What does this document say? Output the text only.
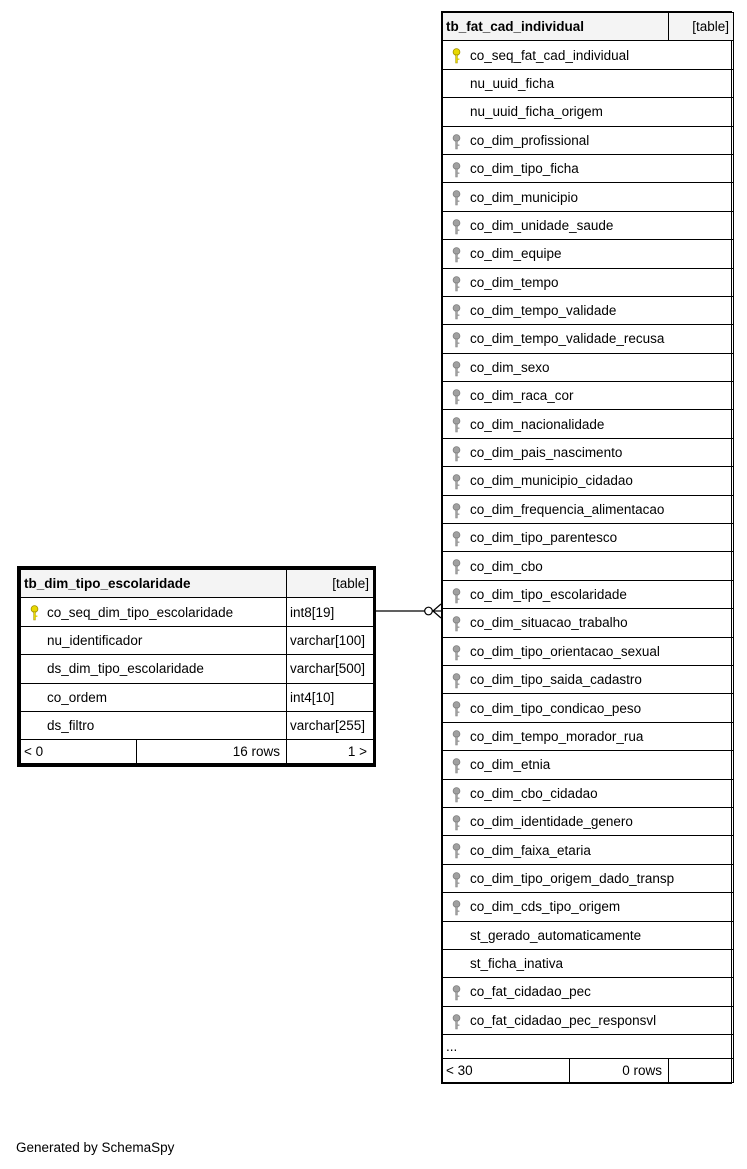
tb_fat_cad_individual		[table]

co_seq_fat_cad_individual		
nu_uuid_ficha		
nu_uuid_ficha_origem		

co_dim_profissional		

co_dim_tipo_ficha		

co_dim_municipio		

co_dim_unidade_saude		

co_dim_equipe		

co_dim_tempo		

co_dim_tempo_validade		

co_dim_tempo_validade_recusa		

co_dim_sexo		

co_dim_raca_cor		

co_dim_nacionalidade		

co_dim_pais_nascimento		

co_dim_municipio_cidadao		

co_dim_frequencia_alimentacao		

co_dim_tipo_parentesco		

co_dim_cbo		

co_dim_tipo_escolaridade		

co_dim_situacao_trabalho		

co_dim_tipo_orientacao_sexual		

co_dim_tipo_saida_cadastro		

co_dim_tipo_condicao_peso		

co_dim_tempo_morador_rua		

co_dim_etnia		

co_dim_cbo_cidadao		

co_dim_identidade_genero		

co_dim_faixa_etaria		

co_dim_tipo_origem_dado_transp		

co_dim_cds_tipo_origem		
st_gerado_automaticamente		
st_ficha_inativa		

co_fat_cidadao_pec		

co_fat_cidadao_pec_responsvl		
...		
< 30	0 rows	
tb_dim_tipo_escolaridade		[table]

co_seq_dim_tipo_escolaridade		int8[19]
nu_identificador		varchar[100]
ds_dim_tipo_escolaridade		varchar[500]
co_ordem		int4[10]
ds_filtro		varchar[255]
< 0	16 rows	1 >
Generated by SchemaSpy
